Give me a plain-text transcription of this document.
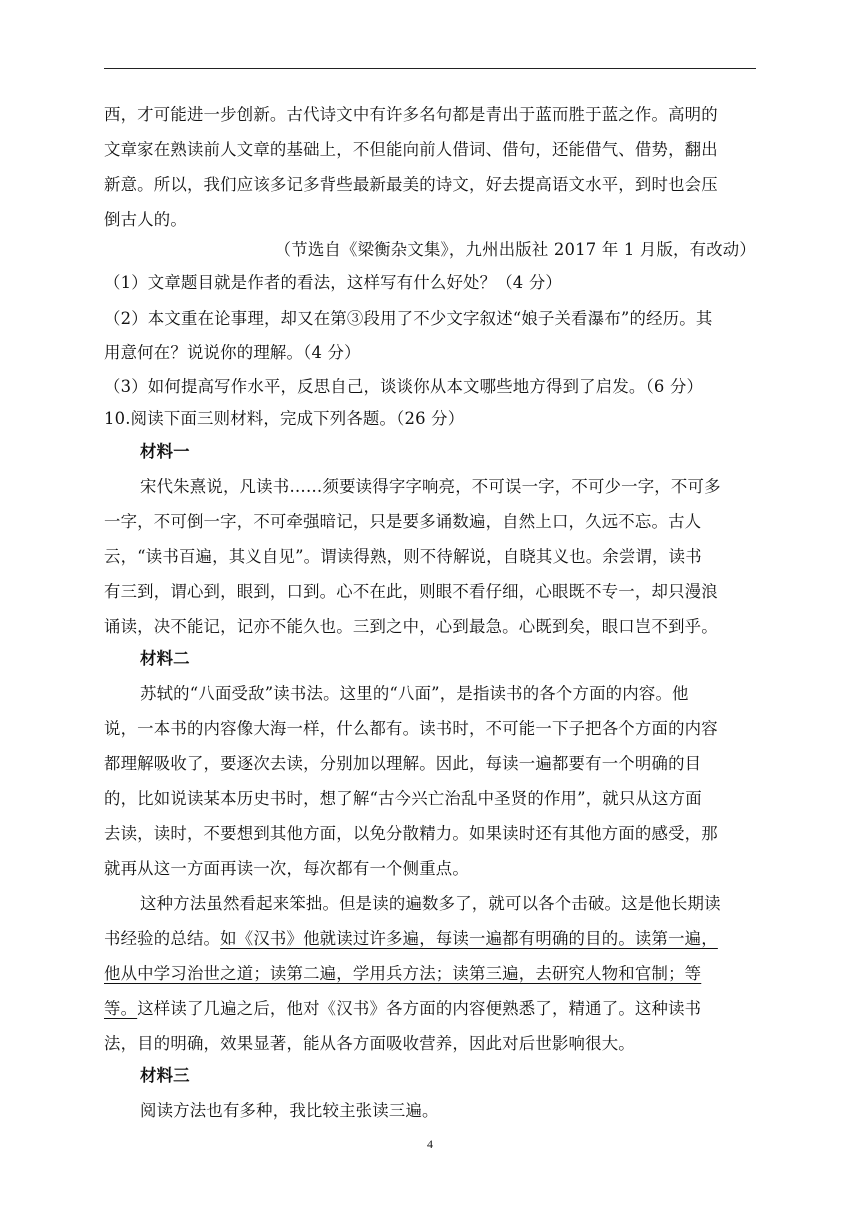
西，才可能进一步创新。古代诗文中有许多名句都是青出于蓝而胜于蓝之作。高明的
文章家在熟读前人文章的基础上，不但能向前人借词、借句，还能借气、借势，翻出
新意。所以，我们应该多记多背些最新最美的诗文，好去提高语文水平，到时也会压
倒古人的。
（节选自《梁衡杂文集》，九州出版社 2017 年 1 月版，有改动）
（1）文章题目就是作者的看法，这样写有什么好处？（4 分）
（2）本文重在论事理，却又在第③段用了不少文字叙述“娘子关看瀑布”的经历。其
用意何在？说说你的理解。（4 分）
（3）如何提高写作水平，反思自己，谈谈你从本文哪些地方得到了启发。（6 分）
10.阅读下面三则材料，完成下列各题。（26 分）
材料一
宋代朱熹说，凡读书……须要读得字字响亮，不可误一字，不可少一字，不可多
一字，不可倒一字，不可牵强暗记，只是要多诵数遍，自然上口，久远不忘。古人
云，“读书百遍，其义自见”。谓读得熟，则不待解说，自晓其义也。余尝谓，读书
有三到，谓心到，眼到，口到。心不在此，则眼不看仔细，心眼既不专一，却只漫浪
诵读，决不能记，记亦不能久也。三到之中，心到最急。心既到矣，眼口岂不到乎。
材料二
苏轼的“八面受敌”读书法。这里的“八面”，是指读书的各个方面的内容。他
说，一本书的内容像大海一样，什么都有。读书时，不可能一下子把各个方面的内容
都理解吸收了，要逐次去读，分别加以理解。因此，每读一遍都要有一个明确的目
的，比如说读某本历史书时，想了解“古今兴亡治乱中圣贤的作用”，就只从这方面
去读，读时，不要想到其他方面，以免分散精力。如果读时还有其他方面的感受，那
就再从这一方面再读一次，每次都有一个侧重点。
这种方法虽然看起来笨拙。但是读的遍数多了，就可以各个击破。这是他长期读
书经验的总结。如《汉书》他就读过许多遍，每读一遍都有明确的目的。读第一遍，
他从中学习治世之道；读第二遍，学用兵方法；读第三遍，去研究人物和官制；等
等。这样读了几遍之后，他对《汉书》各方面的内容便熟悉了，精通了。这种读书
法，目的明确，效果显著，能从各方面吸收营养，因此对后世影响很大。
材料三
阅读方法也有多种，我比较主张读三遍。
4
